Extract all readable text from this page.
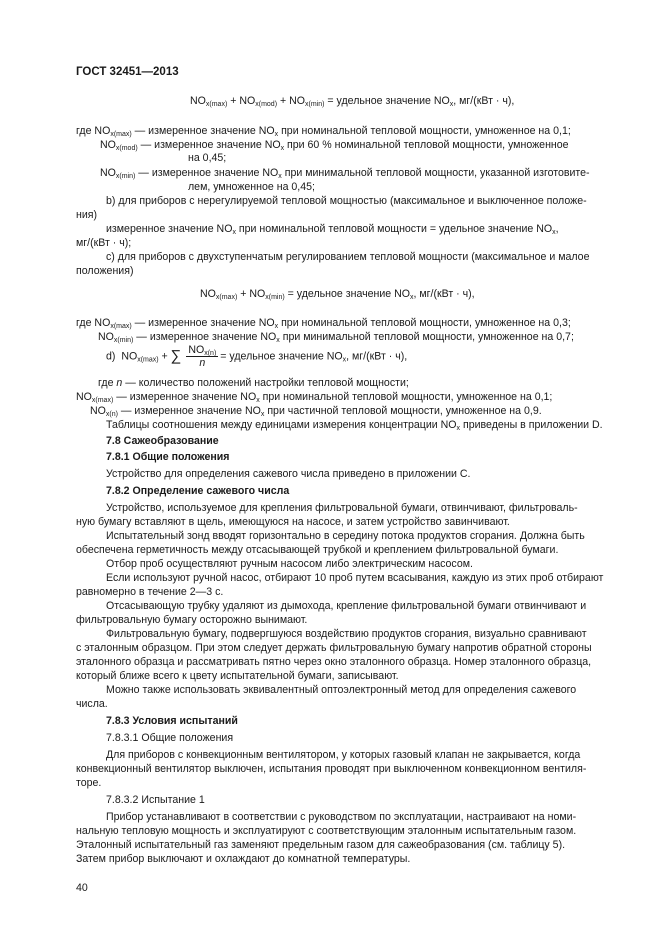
ГОСТ 32451—2013
$NO_{x(max)} + NO_{x(mod)} + NO_{x(min)}$ = удельное значение $NO_x$, мг/(кВт · ч),
где $NO_{x(max)}$ — измеренное значение $NO_x$ при номинальной тепловой мощности, умноженное на 0,1;
$NO_{x(mod)}$ — измеренное значение $NO_x$ при 60 % номинальной тепловой мощности, умноженное
на 0,45;
$NO_{x(min)}$ — измеренное значение $NO_x$ при минимальной тепловой мощности, указанной изготовите-
лем, умноженное на 0,45;
b) для приборов с нерегулируемой тепловой мощностью (максимальное и выключенное положе-
ния)
измеренное значение $NO_x$ при номинальной тепловой мощности = удельное значение $NO_x$,
мг/(кВт · ч);
c) для приборов с двухступенчатым регулированием тепловой мощности (максимальное и малое
положения)
$NO_{x(max)} + NO_{x(min)}$ = удельное значение $NO_x$, мг/(кВт · ч),
где $NO_{x(max)}$ — измеренное значение $NO_x$ при номинальной тепловой мощности, умноженное на 0,3;
$NO_{x(min)}$ — измеренное значение $NO_x$ при минимальной тепловой мощности, умноженное на 0,7;
d) $NO_{x(max)}$ + ∑ $\frac{NO_{x(n)}}{n}$ = удельное значение $NO_x$, мг/(кВт · ч),
где n — количество положений настройки тепловой мощности;
$NO_{x(max)}$ — измеренное значение $NO_x$ при номинальной тепловой мощности, умноженное на 0,1;
$NO_{x(n)}$ — измеренное значение $NO_x$ при частичной тепловой мощности, умноженное на 0,9.
Таблицы соотношения между единицами измерения концентрации $NO_x$ приведены в приложении D.
7.8 Сажеобразование
7.8.1 Общие положения
Устройство для определения сажевого числа приведено в приложении С.
7.8.2 Определение сажевого числа
Устройство, используемое для крепления фильтровальной бумаги, отвинчивают, фильтроваль-
ную бумагу вставляют в щель, имеющуюся на насосе, и затем устройство завинчивают.
Испытательный зонд вводят горизонтально в середину потока продуктов сгорания. Должна быть
обеспечена герметичность между отсасывающей трубкой и креплением фильтровальной бумаги.
Отбор проб осуществляют ручным насосом либо электрическим насосом.
Если используют ручной насос, отбирают 10 проб путем всасывания, каждую из этих проб отбирают
равномерно в течение 2—3 с.
Отсасывающую трубку удаляют из дымохода, крепление фильтровальной бумаги отвинчивают и
фильтровальную бумагу осторожно вынимают.
Фильтровальную бумагу, подвергшуюся воздействию продуктов сгорания, визуально сравнивают
с эталонным образцом. При этом следует держать фильтровальную бумагу напротив обратной стороны
эталонного образца и рассматривать пятно через окно эталонного образца. Номер эталонного образца,
который ближе всего к цвету испытательной бумаги, записывают.
Можно также использовать эквивалентный оптоэлектронный метод для определения сажевого
числа.
7.8.3 Условия испытаний
7.8.3.1 Общие положения
Для приборов с конвекционным вентилятором, у которых газовый клапан не закрывается, когда
конвекционный вентилятор выключен, испытания проводят при выключенном конвекционном вентиля-
торе.
7.8.3.2 Испытание 1
Прибор устанавливают в соответствии с руководством по эксплуатации, настраивают на номи-
нальную тепловую мощность и эксплуатируют с соответствующим эталонным испытательным газом.
Эталонный испытательный газ заменяют предельным газом для сажеобразования (см. таблицу 5).
Затем прибор выключают и охлаждают до комнатной температуры.
40
